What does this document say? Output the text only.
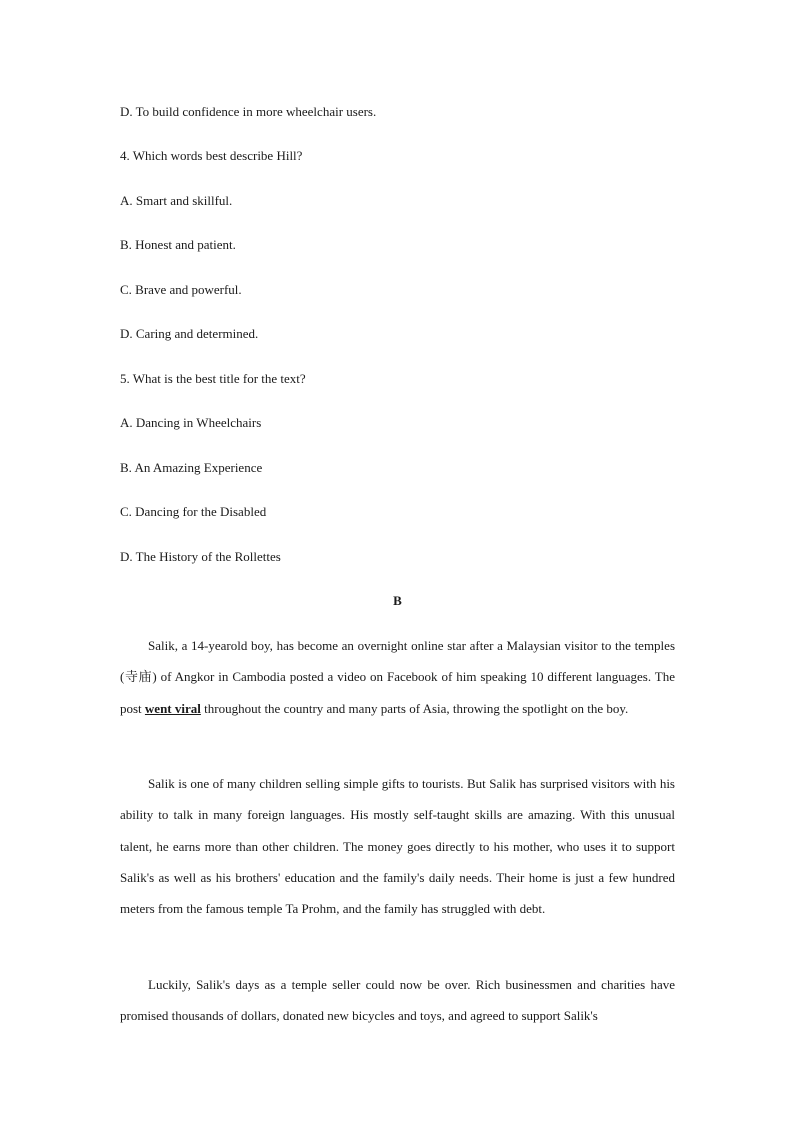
D. To build confidence in more wheelchair users.
4. Which words best describe Hill?
A. Smart and skillful.
B. Honest and patient.
C. Brave and powerful.
D. Caring and determined.
5. What is the best title for the text?
A. Dancing in Wheelchairs
B. An Amazing Experience
C. Dancing for the Disabled
D. The History of the Rollettes
B

Salik, a 14-yearold boy, has become an overnight online star after a Malaysian visitor to the temples (寺庙) of Angkor in Cambodia posted a video on Facebook of him speaking 10 different languages. The post went viral throughout the country and many parts of Asia, throwing the spotlight on the boy.

Salik is one of many children selling simple gifts to tourists. But Salik has surprised visitors with his ability to talk in many foreign languages. His mostly self-taught skills are amazing. With this unusual talent, he earns more than other children. The money goes directly to his mother, who uses it to support Salik's as well as his brothers' education and the family's daily needs. Their home is just a few hundred meters from the famous temple Ta Prohm, and the family has struggled with debt.

Luckily, Salik's days as a temple seller could now be over. Rich businessmen and charities have promised thousands of dollars, donated new bicycles and toys, and agreed to support Salik's
